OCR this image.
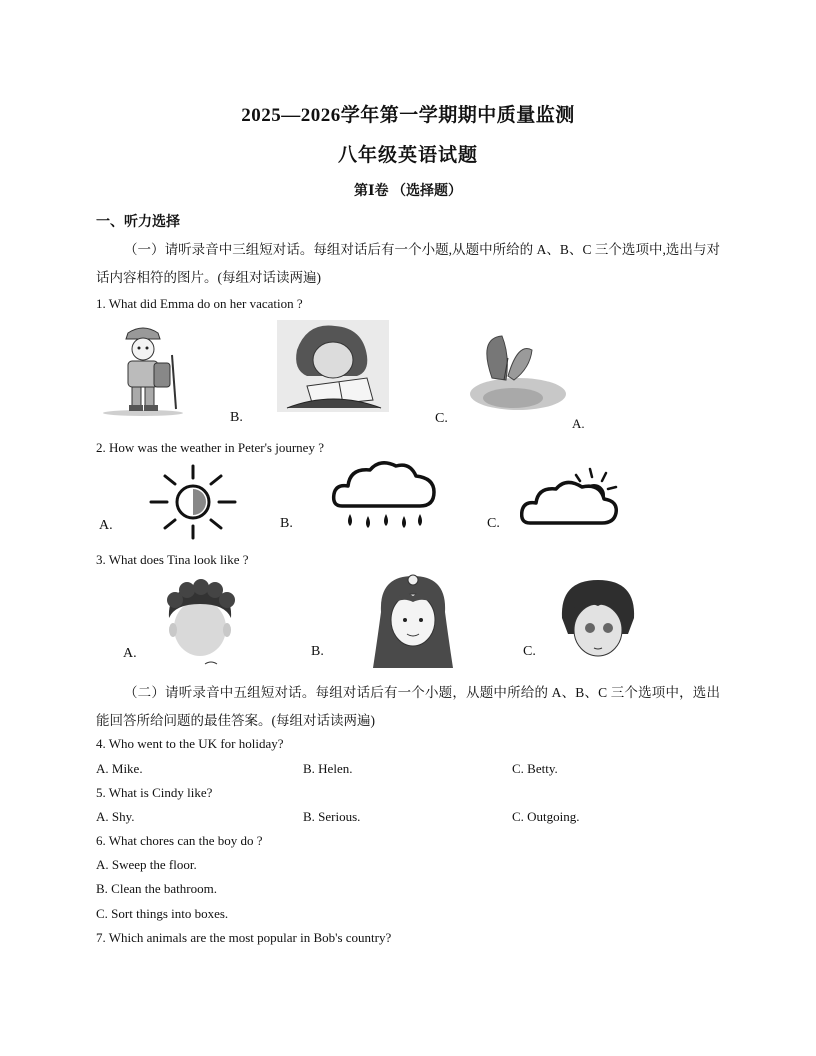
2025—2026学年第一学期期中质量监测
八年级英语试题
第Ⅰ卷 （选择题）
一、听力选择
（一）请听录音中三组短对话。每组对话后有一个小题,从题中所给的 A、B、C 三个选项中,选出与对话内容相符的图片。(每组对话读两遍)
1. What did Emma do on her vacation ?
B.	C.	A.
2. How was the weather in Peter's journey ?
A.	B.	C.
3. What does Tina look like ?
A.	B.	C.
（二）请听录音中五组短对话。每组对话后有一个小题，从题中所给的 A、B、C 三个选项中，选出能回答所给问题的最佳答案。(每组对话读两遍)
4. Who went to the UK for holiday?
A. Mike.	B. Helen.	C. Betty.
5. What is Cindy like?
A. Shy.	B. Serious.	C. Outgoing.
6. What chores can the boy do ?
A. Sweep the floor.
B. Clean the bathroom.
C. Sort things into boxes.
7. Which animals are the most popular in Bob's country?
